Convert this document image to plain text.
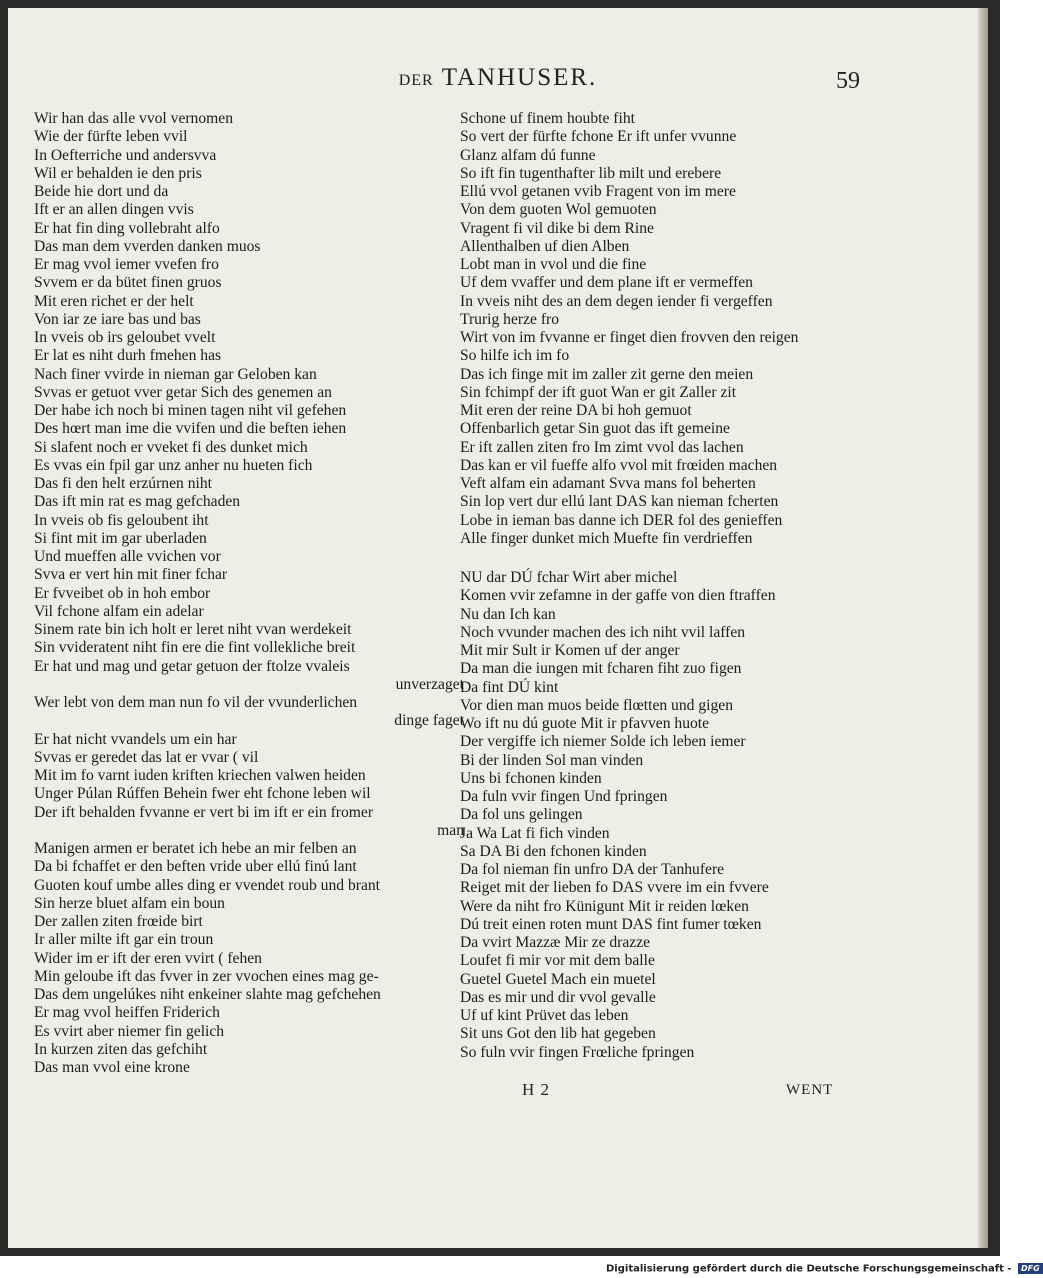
DER TANHUSER.	59
Wir han das alle vvol vernomen
Wie der fürfte leben vvil
In Oefterriche und andersvva
Wil er behalden ie den pris
Beide hie dort und da
Ift er an allen dingen vvis
Er hat fin ding vollebraht alfo
Das man dem vverden danken muos
Er mag vvol iemer vvefen fro
Svvem er da bütet finen gruos
Mit eren richet er der helt
Von iar ze iare bas und bas
In vveis ob irs geloubet vvelt
Er lat es niht durh fmehen has
Nach finer vvirde in nieman gar Geloben kan
Svvas er getuot vver getar Sich des genemen an
Der habe ich noch bi minen tagen niht vil gefehen
Des hœrt man ime die vvifen und die beften iehen
Si slafent noch er vveket fi des dunket mich
Es vvas ein fpil gar unz anher nu hueten fich
Das fi den helt erzúrnen niht
Das ift min rat es mag gefchaden
In vveis ob fis geloubent iht
Si fint mit im gar uberladen
Und mueffen alle vvichen vor
Svva er vert hin mit finer fchar
Er fvveibet ob in hoh embor
Vil fchone alfam ein adelar
Sinem rate bin ich holt er leret niht vvan werdekeit
Sin vvideratent niht fin ere die fint vollekliche breit
Er hat und mag und getar getuon der ftolze vvaleis
unverzaget
Wer lebt von dem man nun fo vil der vvunderlichen
dinge faget
Er hat nicht vvandels um ein har
Svvas er geredet das lat er vvar ( vil
Mit im fo varnt iuden kriften kriechen valwen heiden
Unger Púlan Rúffen Behein fwer eht fchone leben wil
Der ift behalden fvvanne er vert bi im ift er ein fromer
man
Manigen armen er beratet ich hebe an mir felben an
Da bi fchaffet er den beften vride uber ellú finú lant
Guoten kouf umbe alles ding er vvendet roub und brant
Sin herze bluet alfam ein boun
Der zallen ziten frœide birt
Ir aller milte ift gar ein troun
Wider im er ift der eren vvirt ( fehen
Min geloube ift das fvver in zer vvochen eines mag ge-
Das dem ungelúkes niht enkeiner slahte mag gefchehen
Er mag vvol heiffen Friderich
Es vvirt aber niemer fin gelich
In kurzen ziten das gefchiht
Das man vvol eine krone
Schone uf finem houbte fiht
So vert der fürfte fchone Er ift unfer vvunne
Glanz alfam dú funne
So ift fin tugenthafter lib milt und erebere
Ellú vvol getanen vvib Fragent von im mere
Von dem guoten Wol gemuoten
Vragent fi vil dike bi dem Rine
Allenthalben uf dien Alben
Lobt man in vvol und die fine
Uf dem vvaffer und dem plane ift er vermeffen
In vveis niht des an dem degen iender fi vergeffen
Trurig herze fro
Wirt von im fvvanne er finget dien frovven den reigen
So hilfe ich im fo
Das ich finge mit im zaller zit gerne den meien
Sin fchimpf der ift guot Wan er git Zaller zit
Mit eren der reine DA bi hoh gemuot
Offenbarlich getar Sin guot das ift gemeine
Er ift zallen ziten fro Im zimt vvol das lachen
Das kan er vil fueffe alfo vvol mit frœiden machen
Veft alfam ein adamant Svva mans fol beherten
Sin lop vert dur ellú lant DAS kan nieman fcherten
Lobe in ieman bas danne ich DER fol des genieffen
Alle finger dunket mich Muefte fin verdrieffen
NU dar DÚ fchar Wirt aber michel
Komen vvir zefamne in der gaffe von dien ftraffen
Nu dan Ich kan
Noch vvunder machen des ich niht vvil laffen
Mit mir Sult ir Komen uf der anger
Da man die iungen mit fcharen fiht zuo figen
Da fint DÚ kint
Vor dien man muos beide flœtten und gigen
Wo ift nu dú guote Mit ir pfavven huote
Der vergiffe ich niemer Solde ich leben iemer
Bi der linden Sol man vinden
Uns bi fchonen kinden
Da fuln vvir fingen Und fpringen
Da fol uns gelingen
Ja Wa Lat fi fich vinden
Sa DA Bi den fchonen kinden
Da fol nieman fin unfro DA der Tanhufere
Reiget mit der lieben fo DAS vvere im ein fvvere
Were da niht fro Künigunt Mit ir reiden lœken
Dú treit einen roten munt DAS fint fumer tœken
Da vvirt Mazzæ Mir ze drazze
Loufet fi mir vor mit dem balle
Guetel Guetel Mach ein muetel
Das es mir und dir vvol gevalle
Uf uf kint Prüvet das leben
Sit uns Got den lib hat gegeben
So fuln vvir fingen Frœliche fpringen
H 2	WENT
Digitalisierung gefördert durch die Deutsche Forschungsgemeinschaft - DFG
